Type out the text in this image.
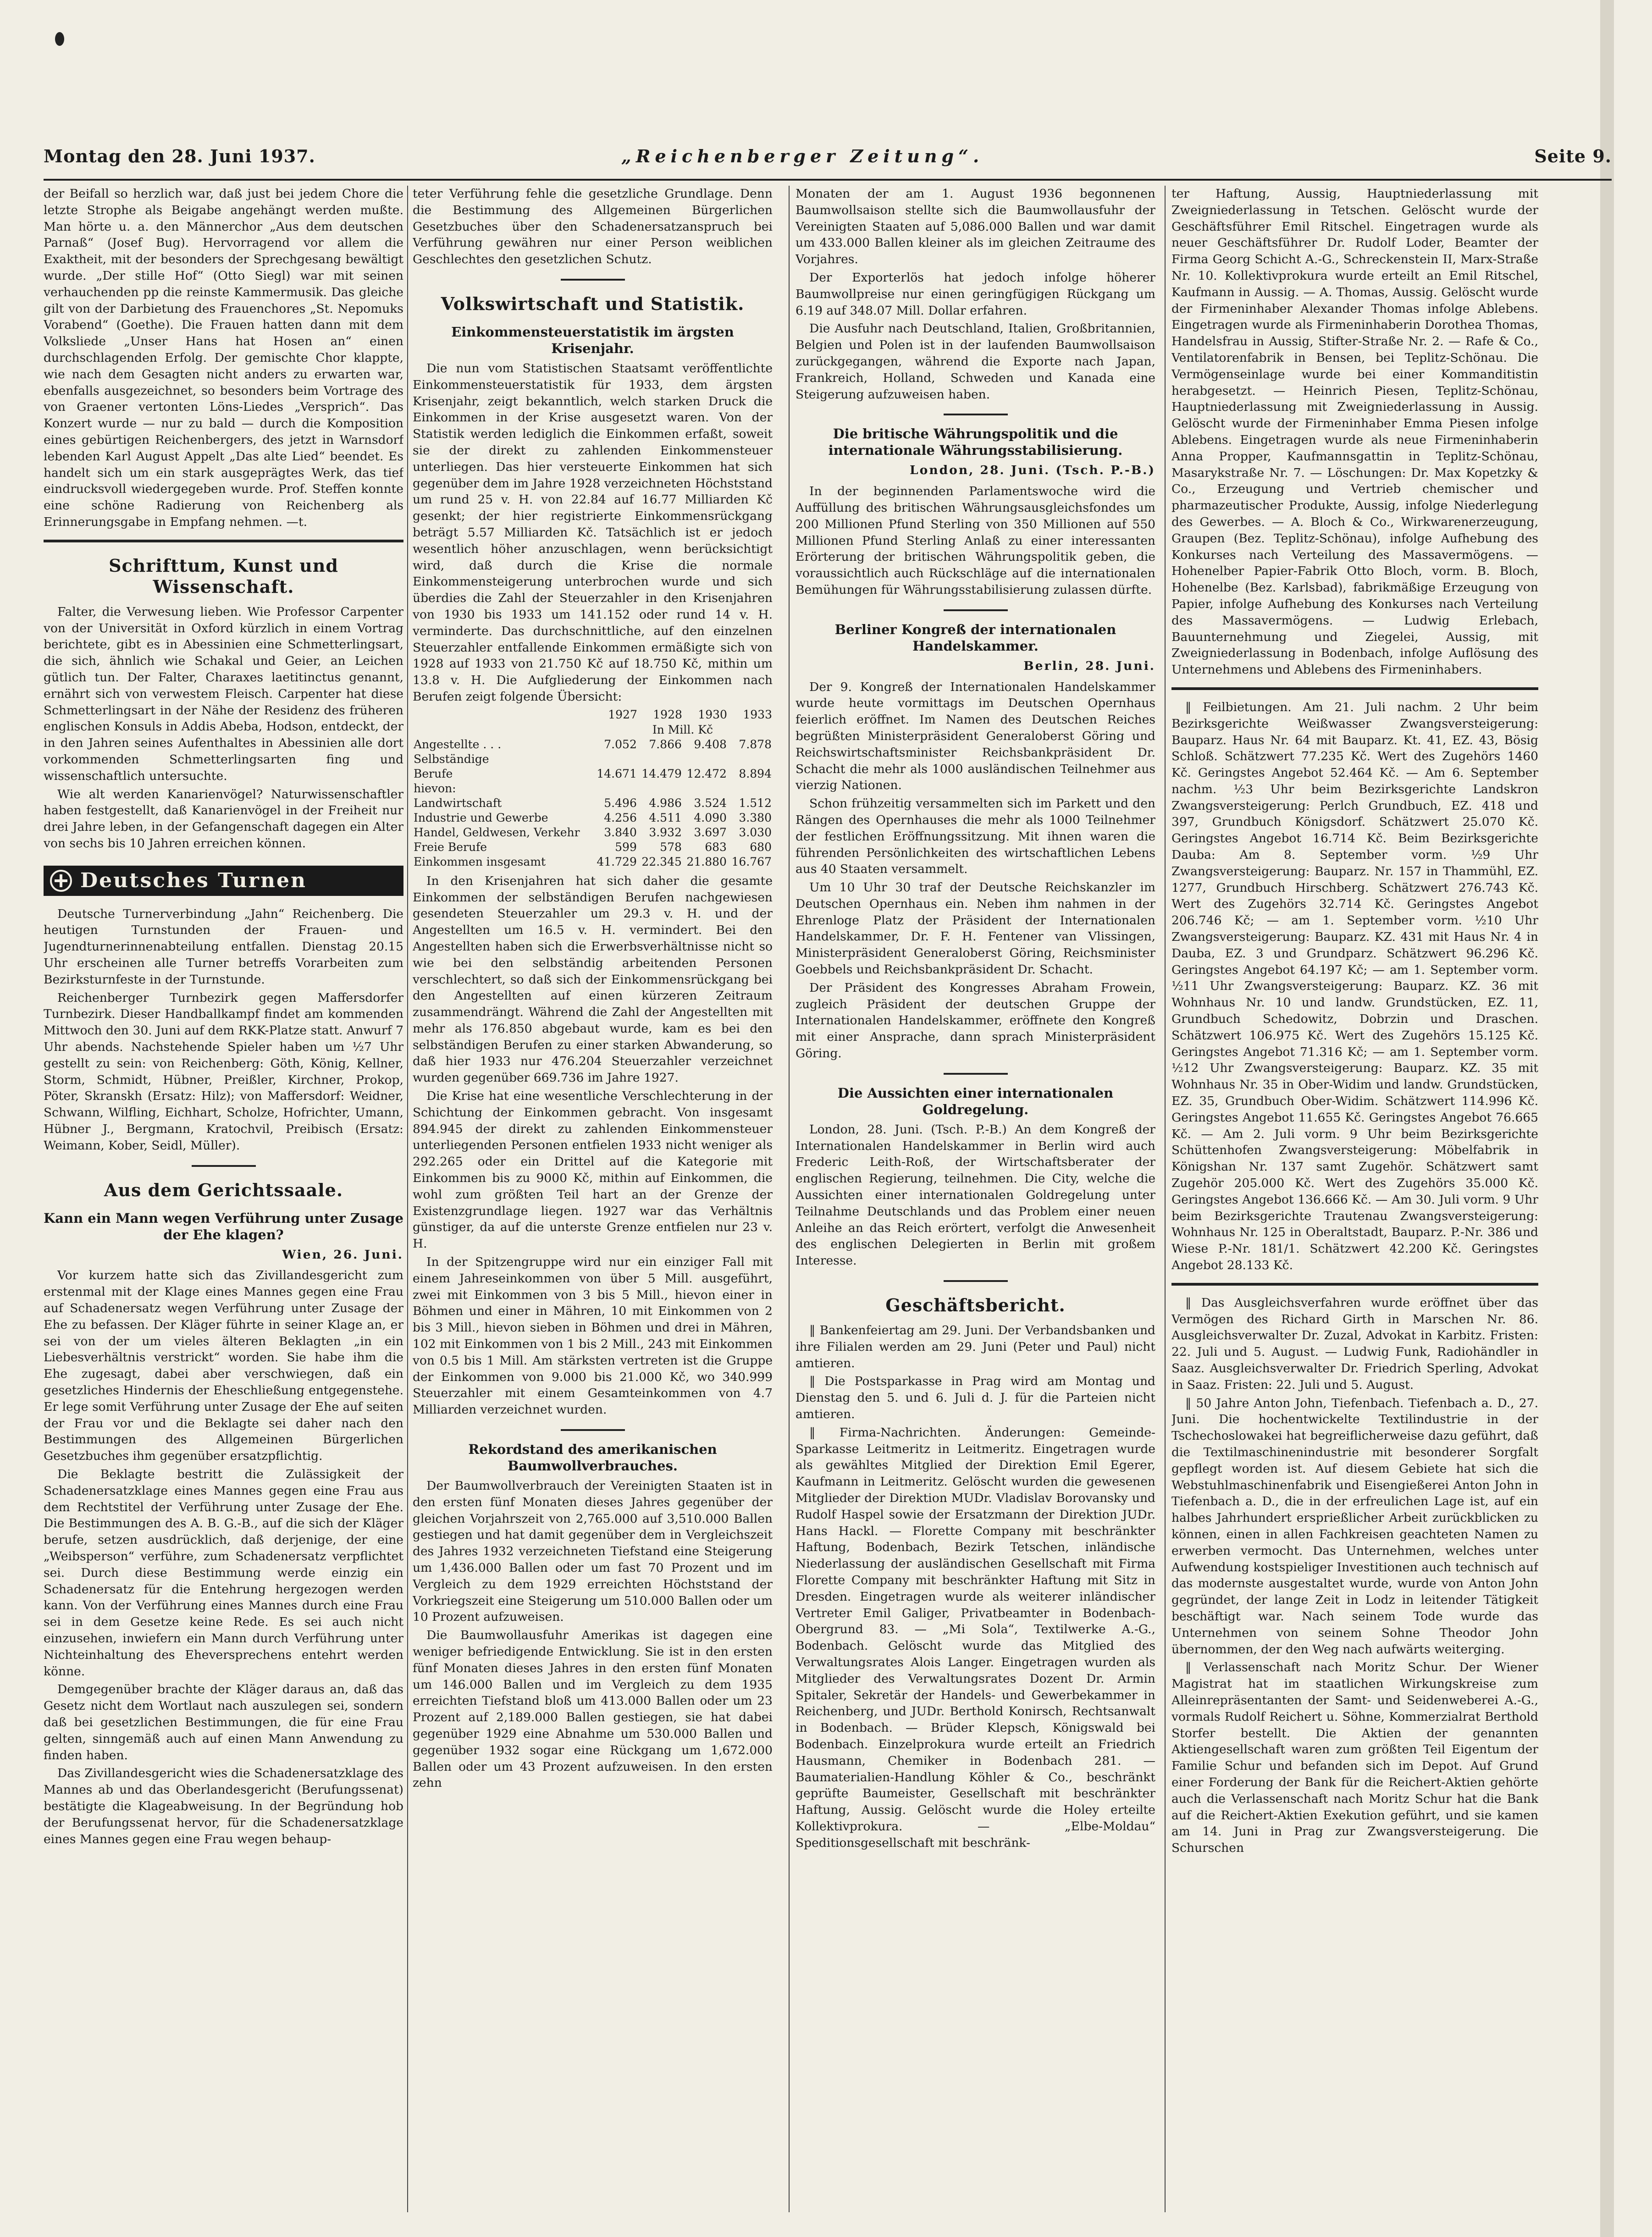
Montag den 28. Juni 1937.	„Reichenberger Zeitung“.	Seite 9.

der Beifall so herzlich war, daß just bei jedem Chore die letzte Strophe als Beigabe angehängt werden mußte. Man hörte u. a. den Männerchor „Aus dem deutschen Parnaß“ (Josef Bug). Hervorragend vor allem die Exaktheit, mit der besonders der Sprechgesang bewältigt wurde. „Der stille Hof“ (Otto Siegl) war mit seinen verhauchenden pp die reinste Kammermusik. Das gleiche gilt von der Darbietung des Frauenchores „St. Nepomuks Vorabend“ (Goethe). Die Frauen hatten dann mit dem Volksliede „Unser Hans hat Hosen an“ einen durchschlagenden Erfolg. Der gemischte Chor klappte, wie nach dem Gesagten nicht anders zu erwarten war, ebenfalls ausgezeichnet, so besonders beim Vortrage des von Graener vertonten Löns-Liedes „Versprich“. Das Konzert wurde — nur zu bald — durch die Komposition eines gebürtigen Reichenbergers, des jetzt in Warnsdorf lebenden Karl August Appelt „Das alte Lied“ beendet. Es handelt sich um ein stark ausgeprägtes Werk, das tief eindrucksvoll wiedergegeben wurde. Prof. Steffen konnte eine schöne Radierung von Reichenberg als Erinnerungsgabe in Empfang nehmen. —t.

Schrifttum, Kunst und Wissenschaft.

Falter, die Verwesung lieben. Wie Professor Carpenter von der Universität in Oxford kürzlich in einem Vortrag berichtete, gibt es in Abessinien eine Schmetterlingsart, die sich, ähnlich wie Schakal und Geier, an Leichen gütlich tun. Der Falter, Charaxes laetitinctus genannt, ernährt sich von verwestem Fleisch. Carpenter hat diese Schmetterlingsart in der Nähe der Residenz des früheren englischen Konsuls in Addis Abeba, Hodson, entdeckt, der in den Jahren seines Aufenthaltes in Abessinien alle dort vorkommenden Schmetterlingsarten fing und wissenschaftlich untersuchte.

Wie alt werden Kanarienvögel? Naturwissenschaftler haben festgestellt, daß Kanarienvögel in der Freiheit nur drei Jahre leben, in der Gefangenschaft dagegen ein Alter von sechs bis 10 Jahren erreichen können.

Deutsches Turnen

Deutsche Turnerverbindung „Jahn“ Reichenberg. Die heutigen Turnstunden der Frauen- und Jugendturnerinnenabteilung entfallen. Dienstag 20.15 Uhr erscheinen alle Turner betreffs Vorarbeiten zum Bezirksturnfeste in der Turnstunde.

Reichenberger Turnbezirk gegen Maffersdorfer Turnbezirk. Dieser Handballkampf findet am kommenden Mittwoch den 30. Juni auf dem RKK-Platze statt. Anwurf 7 Uhr abends. Nachstehende Spieler haben um ½7 Uhr gestellt zu sein: von Reichenberg: Göth, König, Kellner, Storm, Schmidt, Hübner, Preißler, Kirchner, Prokop, Pöter, Skranskh (Ersatz: Hilz); von Maffersdorf: Weidner, Schwann, Wilfling, Eichhart, Scholze, Hofrichter, Umann, Hübner J., Bergmann, Kratochvil, Preibisch (Ersatz: Weimann, Kober, Seidl, Müller).

Aus dem Gerichtssaale.
Kann ein Mann wegen Verführung unter Zusage der Ehe klagen?
Wien, 26. Juni.

Vor kurzem hatte sich das Zivillandesgericht zum erstenmal mit der Klage eines Mannes gegen eine Frau auf Schadenersatz wegen Verführung unter Zusage der Ehe zu befassen. Der Kläger führte in seiner Klage an, er sei von der um vieles älteren Beklagten „in ein Liebesverhältnis verstrickt“ worden. Sie habe ihm die Ehe zugesagt, dabei aber verschwiegen, daß ein gesetzliches Hindernis der Eheschließung entgegenstehe. Er lege somit Verführung unter Zusage der Ehe auf seiten der Frau vor und die Beklagte sei daher nach den Bestimmungen des Allgemeinen Bürgerlichen Gesetzbuches ihm gegenüber ersatzpflichtig.

Die Beklagte bestritt die Zulässigkeit der Schadenersatzklage eines Mannes gegen eine Frau aus dem Rechtstitel der Verführung unter Zusage der Ehe. Die Bestimmungen des A. B. G.-B., auf die sich der Kläger berufe, setzen ausdrücklich, daß derjenige, der eine „Weibsperson“ verführe, zum Schadenersatz verpflichtet sei. Durch diese Bestimmung werde einzig ein Schadenersatz für die Entehrung hergezogen werden kann. Von der Verführung eines Mannes durch eine Frau sei in dem Gesetze keine Rede. Es sei auch nicht einzusehen, inwiefern ein Mann durch Verführung unter Nichteinhaltung des Eheversprechens entehrt werden könne.

Demgegenüber brachte der Kläger daraus an, daß das Gesetz nicht dem Wortlaut nach auszulegen sei, sondern daß bei gesetzlichen Bestimmungen, die für eine Frau gelten, sinngemäß auch auf einen Mann Anwendung zu finden haben.

Das Zivillandesgericht wies die Schadenersatzklage des Mannes ab und das Oberlandesgericht (Berufungssenat) bestätigte die Klageabweisung. In der Begründung hob der Berufungssenat hervor, für die Schadenersatzklage eines Mannes gegen eine Frau wegen behaup-

teter Verführung fehle die gesetzliche Grundlage. Denn die Bestimmung des Allgemeinen Bürgerlichen Gesetzbuches über den Schadenersatzanspruch bei Verführung gewähren nur einer Person weiblichen Geschlechtes den gesetzlichen Schutz.

Volkswirtschaft und Statistik.
Einkommensteuerstatistik im ärgsten Krisenjahr.

Die nun vom Statistischen Staatsamt veröffentlichte Einkommensteuerstatistik für 1933, dem ärgsten Krisenjahr, zeigt bekanntlich, welch starken Druck die Einkommen in der Krise ausgesetzt waren. Von der Statistik werden lediglich die Einkommen erfaßt, soweit sie der direkt zu zahlenden Einkommensteuer unterliegen. Das hier versteuerte Einkommen hat sich gegenüber dem im Jahre 1928 verzeichneten Höchststand um rund 25 v. H. von 22.84 auf 16.77 Milliarden Kč gesenkt; der hier registrierte Einkommensrückgang beträgt 5.57 Milliarden Kč. Tatsächlich ist er jedoch wesentlich höher anzuschlagen, wenn berücksichtigt wird, daß durch die Krise die normale Einkommensteigerung unterbrochen wurde und sich überdies die Zahl der Steuerzahler in den Krisenjahren von 1930 bis 1933 um 141.152 oder rund 14 v. H. verminderte. Das durchschnittliche, auf den einzelnen Steuerzahler entfallende Einkommen ermäßigte sich von 1928 auf 1933 von 21.750 Kč auf 18.750 Kč, mithin um 13.8 v. H. Die Aufgliederung der Einkommen nach Berufen zeigt folgende Übersicht:

	1927	1928	1930	1933
	In Mill. Kč			
Angestellte . . .	7.052	7.866	9.408	7.878
Selbständige				
Berufe	14.671	14.479	12.472	8.894
hievon:				
Landwirtschaft	5.496	4.986	3.524	1.512
Industrie und Gewerbe	4.256	4.511	4.090	3.380
Handel, Geldwesen, Verkehr	3.840	3.932	3.697	3.030
Freie Berufe	599	578	683	680
Einkommen insgesamt	41.729	22.345	21.880	16.767

In den Krisenjahren hat sich daher die gesamte Einkommen der selbständigen Berufen nachgewiesen gesendeten Steuerzahler um 29.3 v. H. und der Angestellten um 16.5 v. H. vermindert. Bei den Angestellten haben sich die Erwerbsverhältnisse nicht so wie bei den selbständig arbeitenden Personen verschlechtert, so daß sich der Einkommensrückgang bei den Angestellten auf einen kürzeren Zeitraum zusammendrängt. Während die Zahl der Angestellten mit mehr als 176.850 abgebaut wurde, kam es bei den selbständigen Berufen zu einer starken Abwanderung, so daß hier 1933 nur 476.204 Steuerzahler verzeichnet wurden gegenüber 669.736 im Jahre 1927.

Die Krise hat eine wesentliche Verschlechterung in der Schichtung der Einkommen gebracht. Von insgesamt 894.945 der direkt zu zahlenden Einkommensteuer unterliegenden Personen entfielen 1933 nicht weniger als 292.265 oder ein Drittel auf die Kategorie mit Einkommen bis zu 9000 Kč, mithin auf Einkommen, die wohl zum größten Teil hart an der Grenze der Existenzgrundlage liegen. 1927 war das Verhältnis günstiger, da auf die unterste Grenze entfielen nur 23 v. H.

In der Spitzengruppe wird nur ein einziger Fall mit einem Jahreseinkommen von über 5 Mill. ausgeführt, zwei mit Einkommen von 3 bis 5 Mill., hievon einer in Böhmen und einer in Mähren, 10 mit Einkommen von 2 bis 3 Mill., hievon sieben in Böhmen und drei in Mähren, 102 mit Einkommen von 1 bis 2 Mill., 243 mit Einkommen von 0.5 bis 1 Mill. Am stärksten vertreten ist die Gruppe der Einkommen von 9.000 bis 21.000 Kč, wo 340.999 Steuerzahler mit einem Gesamteinkommen von 4.7 Milliarden verzeichnet wurden.

Rekordstand des amerikanischen Baumwollverbrauches.

Der Baumwollverbrauch der Vereinigten Staaten ist in den ersten fünf Monaten dieses Jahres gegenüber der gleichen Vorjahrszeit von 2,765.000 auf 3,510.000 Ballen gestiegen und hat damit gegenüber dem in Vergleichszeit des Jahres 1932 verzeichneten Tiefstand eine Steigerung um 1,436.000 Ballen oder um fast 70 Prozent und im Vergleich zu dem 1929 erreichten Höchststand der Vorkriegszeit eine Steigerung um 510.000 Ballen oder um 10 Prozent aufzuweisen.

Die Baumwollausfuhr Amerikas ist dagegen eine weniger befriedigende Entwicklung. Sie ist in den ersten fünf Monaten dieses Jahres in den ersten fünf Monaten um 146.000 Ballen und im Vergleich zu dem 1935 erreichten Tiefstand bloß um 413.000 Ballen oder um 23 Prozent auf 2,189.000 Ballen gestiegen, sie hat dabei gegenüber 1929 eine Abnahme um 530.000 Ballen und gegenüber 1932 sogar eine Rückgang um 1,672.000 Ballen oder um 43 Prozent aufzuweisen. In den ersten zehn

Monaten der am 1. August 1936 begonnenen Baumwollsaison stellte sich die Baumwollausfuhr der Vereinigten Staaten auf 5,086.000 Ballen und war damit um 433.000 Ballen kleiner als im gleichen Zeitraume des Vorjahres.

Der Exporterlös hat jedoch infolge höherer Baumwollpreise nur einen geringfügigen Rückgang um 6.19 auf 348.07 Mill. Dollar erfahren.

Die Ausfuhr nach Deutschland, Italien, Großbritannien, Belgien und Polen ist in der laufenden Baumwollsaison zurückgegangen, während die Exporte nach Japan, Frankreich, Holland, Schweden und Kanada eine Steigerung aufzuweisen haben.

Die britische Währungspolitik und die internationale Währungsstabilisierung.
London, 28. Juni. (Tsch. P.-B.)

In der beginnenden Parlamentswoche wird die Auffüllung des britischen Währungsausgleichsfondes um 200 Millionen Pfund Sterling von 350 Millionen auf 550 Millionen Pfund Sterling Anlaß zu einer interessanten Erörterung der britischen Währungspolitik geben, die voraussichtlich auch Rückschläge auf die internationalen Bemühungen für Währungsstabilisierung zulassen dürfte.

Berliner Kongreß der internationalen Handelskammer.
Berlin, 28. Juni.

Der 9. Kongreß der Internationalen Handelskammer wurde heute vormittags im Deutschen Opernhaus feierlich eröffnet. Im Namen des Deutschen Reiches begrüßten Ministerpräsident Generaloberst Göring und Reichswirtschaftsminister Reichsbankpräsident Dr. Schacht die mehr als 1000 ausländischen Teilnehmer aus vierzig Nationen.

Schon frühzeitig versammelten sich im Parkett und den Rängen des Opernhauses die mehr als 1000 Teilnehmer der festlichen Eröffnungssitzung. Mit ihnen waren die führenden Persönlichkeiten des wirtschaftlichen Lebens aus 40 Staaten versammelt.

Um 10 Uhr 30 traf der Deutsche Reichskanzler im Deutschen Opernhaus ein. Neben ihm nahmen in der Ehrenloge Platz der Präsident der Internationalen Handelskammer, Dr. F. H. Fentener van Vlissingen, Ministerpräsident Generaloberst Göring, Reichsminister Goebbels und Reichsbankpräsident Dr. Schacht.

Der Präsident des Kongresses Abraham Frowein, zugleich Präsident der deutschen Gruppe der Internationalen Handelskammer, eröffnete den Kongreß mit einer Ansprache, dann sprach Ministerpräsident Göring.

Die Aussichten einer internationalen Goldregelung.

London, 28. Juni. (Tsch. P.-B.) An dem Kongreß der Internationalen Handelskammer in Berlin wird auch Frederic Leith-Roß, der Wirtschaftsberater der englischen Regierung, teilnehmen. Die City, welche die Aussichten einer internationalen Goldregelung unter Teilnahme Deutschlands und das Problem einer neuen Anleihe an das Reich erörtert, verfolgt die Anwesenheit des englischen Delegierten in Berlin mit großem Interesse.

Geschäftsbericht.

‖ Bankenfeiertag am 29. Juni. Der Verbandsbanken und ihre Filialen werden am 29. Juni (Peter und Paul) nicht amtieren.

‖ Die Postsparkasse in Prag wird am Montag und Dienstag den 5. und 6. Juli d. J. für die Parteien nicht amtieren.

‖ Firma-Nachrichten. Änderungen: Gemeinde-Sparkasse Leitmeritz in Leitmeritz. Eingetragen wurde als gewähltes Mitglied der Direktion Emil Egerer, Kaufmann in Leitmeritz. Gelöscht wurden die gewesenen Mitglieder der Direktion MUDr. Vladislav Borovansky und Rudolf Haspel sowie der Ersatzmann der Direktion JUDr. Hans Hackl. — Florette Company mit beschränkter Haftung, Bodenbach, Bezirk Tetschen, inländische Niederlassung der ausländischen Gesellschaft mit Firma Florette Company mit beschränkter Haftung mit Sitz in Dresden. Eingetragen wurde als weiterer inländischer Vertreter Emil Galiger, Privatbeamter in Bodenbach-Obergrund 83. — „Mi Sola“, Textilwerke A.-G., Bodenbach. Gelöscht wurde das Mitglied des Verwaltungsrates Alois Langer. Eingetragen wurden als Mitglieder des Verwaltungsrates Dozent Dr. Armin Spitaler, Sekretär der Handels- und Gewerbekammer in Reichenberg, und JUDr. Berthold Konirsch, Rechtsanwalt in Bodenbach. — Brüder Klepsch, Königswald bei Bodenbach. Einzelprokura wurde erteilt an Friedrich Hausmann, Chemiker in Bodenbach 281. — Baumaterialien-Handlung Köhler & Co., beschränkt geprüfte Baumeister, Gesellschaft mit beschränkter Haftung, Aussig. Gelöscht wurde die Holey erteilte Kollektivprokura. — „Elbe-Moldau“ Speditionsgesellschaft mit beschränk-

ter Haftung, Aussig, Hauptniederlassung mit Zweigniederlassung in Tetschen. Gelöscht wurde der Geschäftsführer Emil Ritschel. Eingetragen wurde als neuer Geschäftsführer Dr. Rudolf Loder, Beamter der Firma Georg Schicht A.-G., Schreckenstein II, Marx-Straße Nr. 10. Kollektivprokura wurde erteilt an Emil Ritschel, Kaufmann in Aussig. — A. Thomas, Aussig. Gelöscht wurde der Firmeninhaber Alexander Thomas infolge Ablebens. Eingetragen wurde als Firmeninhaberin Dorothea Thomas, Handelsfrau in Aussig, Stifter-Straße Nr. 2. — Rafe & Co., Ventilatorenfabrik in Bensen, bei Teplitz-Schönau. Die Vermögenseinlage wurde bei einer Kommanditistin herabgesetzt. — Heinrich Piesen, Teplitz-Schönau, Hauptniederlassung mit Zweigniederlassung in Aussig. Gelöscht wurde der Firmeninhaber Emma Piesen infolge Ablebens. Eingetragen wurde als neue Firmeninhaberin Anna Propper, Kaufmannsgattin in Teplitz-Schönau, Masarykstraße Nr. 7. — Löschungen: Dr. Max Kopetzky & Co., Erzeugung und Vertrieb chemischer und pharmazeutischer Produkte, Aussig, infolge Niederlegung des Gewerbes. — A. Bloch & Co., Wirkwarenerzeugung, Graupen (Bez. Teplitz-Schönau), infolge Aufhebung des Konkurses nach Verteilung des Massavermögens. — Hohenelber Papier-Fabrik Otto Bloch, vorm. B. Bloch, Hohenelbe (Bez. Karlsbad), fabrikmäßige Erzeugung von Papier, infolge Aufhebung des Konkurses nach Verteilung des Massavermögens. — Ludwig Erlebach, Bauunternehmung und Ziegelei, Aussig, mit Zweigniederlassung in Bodenbach, infolge Auflösung des Unternehmens und Ablebens des Firmeninhabers.

‖ Feilbietungen. Am 21. Juli nachm. 2 Uhr beim Bezirksgerichte Weißwasser Zwangsversteigerung: Bauparz. Haus Nr. 64 mit Bauparz. Kt. 41, EZ. 43, Bösig Schloß. Schätzwert 77.235 Kč. Wert des Zugehörs 1460 Kč. Geringstes Angebot 52.464 Kč. — Am 6. September nachm. ½3 Uhr beim Bezirksgerichte Landskron Zwangsversteigerung: Perlch Grundbuch, EZ. 418 und 397, Grundbuch Königsdorf. Schätzwert 25.070 Kč. Geringstes Angebot 16.714 Kč. Beim Bezirksgerichte Dauba: Am 8. September vorm. ½9 Uhr Zwangsversteigerung: Bauparz. Nr. 157 in Thammühl, EZ. 1277, Grundbuch Hirschberg. Schätzwert 276.743 Kč. Wert des Zugehörs 32.714 Kč. Geringstes Angebot 206.746 Kč; — am 1. September vorm. ½10 Uhr Zwangsversteigerung: Bauparz. KZ. 431 mit Haus Nr. 4 in Dauba, EZ. 3 und Grundparz. Schätzwert 96.296 Kč. Geringstes Angebot 64.197 Kč; — am 1. September vorm. ½11 Uhr Zwangsversteigerung: Bauparz. KZ. 36 mit Wohnhaus Nr. 10 und landw. Grundstücken, EZ. 11, Grundbuch Schedowitz, Dobrzin und Draschen. Schätzwert 106.975 Kč. Wert des Zugehörs 15.125 Kč. Geringstes Angebot 71.316 Kč; — am 1. September vorm. ½12 Uhr Zwangsversteigerung: Bauparz. KZ. 35 mit Wohnhaus Nr. 35 in Ober-Widim und landw. Grundstücken, EZ. 35, Grundbuch Ober-Widim. Schätzwert 114.996 Kč. Geringstes Angebot 11.655 Kč. Geringstes Angebot 76.665 Kč. — Am 2. Juli vorm. 9 Uhr beim Bezirksgerichte Schüttenhofen Zwangsversteigerung: Möbelfabrik in Königshan Nr. 137 samt Zugehör. Schätzwert samt Zugehör 205.000 Kč. Wert des Zugehörs 35.000 Kč. Geringstes Angebot 136.666 Kč. — Am 30. Juli vorm. 9 Uhr beim Bezirksgerichte Trautenau Zwangsversteigerung: Wohnhaus Nr. 125 in Oberaltstadt, Bauparz. P.-Nr. 386 und Wiese P.-Nr. 181/1. Schätzwert 42.200 Kč. Geringstes Angebot 28.133 Kč.

‖ Das Ausgleichsverfahren wurde eröffnet über das Vermögen des Richard Girth in Marschen Nr. 86. Ausgleichsverwalter Dr. Zuzal, Advokat in Karbitz. Fristen: 22. Juli und 5. August. — Ludwig Funk, Radiohändler in Saaz. Ausgleichsverwalter Dr. Friedrich Sperling, Advokat in Saaz. Fristen: 22. Juli und 5. August.

‖ 50 Jahre Anton John, Tiefenbach. Tiefenbach a. D., 27. Juni. Die hochentwickelte Textilindustrie in der Tschechoslowakei hat begreiflicherweise dazu geführt, daß die Textilmaschinenindustrie mit besonderer Sorgfalt gepflegt worden ist. Auf diesem Gebiete hat sich die Webstuhlmaschinenfabrik und Eisengießerei Anton John in Tiefenbach a. D., die in der erfreulichen Lage ist, auf ein halbes Jahrhundert ersprießlicher Arbeit zurückblicken zu können, einen in allen Fachkreisen geachteten Namen zu erwerben vermocht. Das Unternehmen, welches unter Aufwendung kostspieliger Investitionen auch technisch auf das modernste ausgestaltet wurde, wurde von Anton John gegründet, der lange Zeit in Lodz in leitender Tätigkeit beschäftigt war. Nach seinem Tode wurde das Unternehmen von seinem Sohne Theodor John übernommen, der den Weg nach aufwärts weiterging.

‖ Verlassenschaft nach Moritz Schur. Der Wiener Magistrat hat im staatlichen Wirkungskreise zum Alleinrepräsentanten der Samt- und Seidenweberei A.-G., vormals Rudolf Reichert u. Söhne, Kommerzialrat Berthold Storfer bestellt. Die Aktien der genannten Aktiengesellschaft waren zum größten Teil Eigentum der Familie Schur und befanden sich im Depot. Auf Grund einer Forderung der Bank für die Reichert-Aktien gehörte auch die Verlassenschaft nach Moritz Schur hat die Bank auf die Reichert-Aktien Exekution geführt, und sie kamen am 14. Juni in Prag zur Zwangsversteigerung. Die Schurschen
